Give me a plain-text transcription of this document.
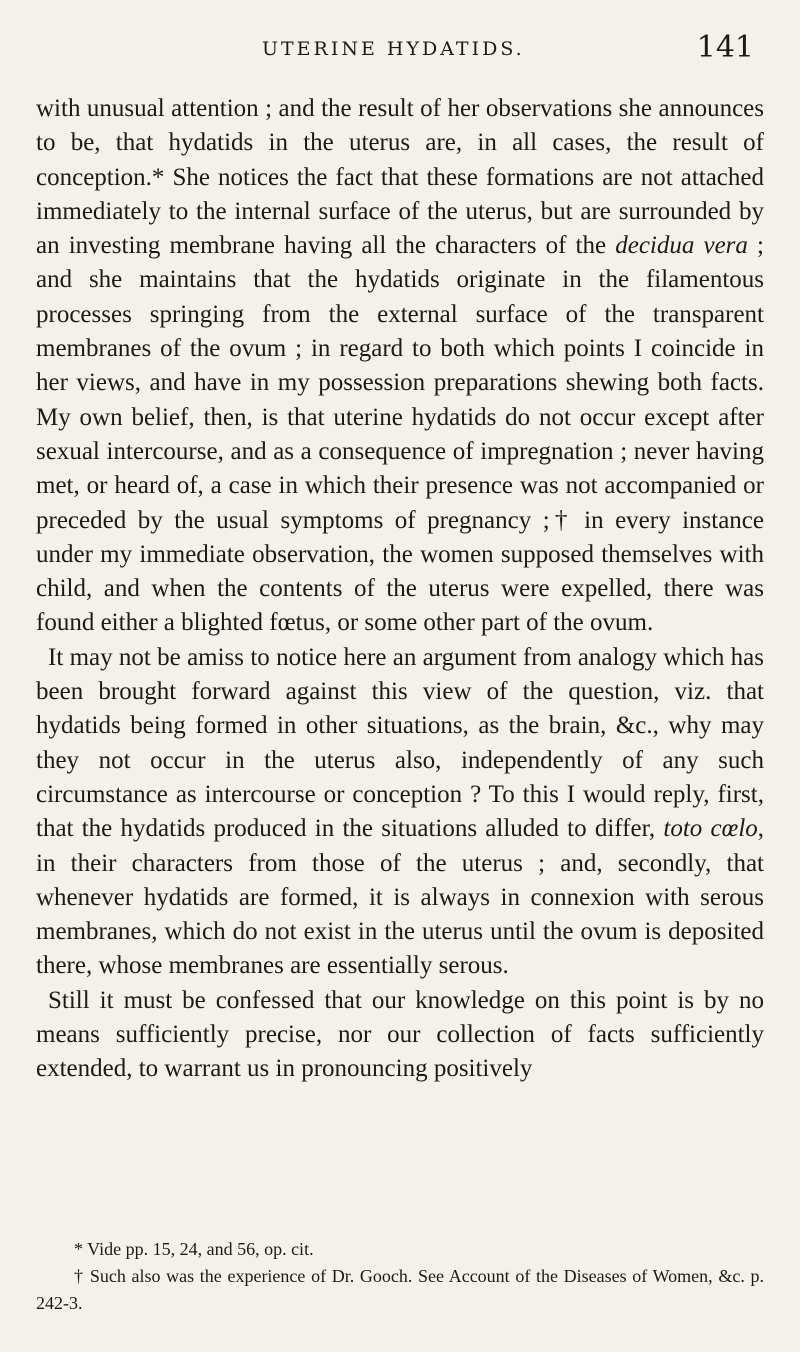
UTERINE HYDATIDS.	141

with unusual attention ; and the result of her observations she announces to be, that hydatids in the uterus are, in all cases, the result of conception.* She notices the fact that these formations are not attached immediately to the internal surface of the uterus, but are surrounded by an investing membrane having all the characters of the decidua vera ; and she maintains that the hydatids originate in the filamentous processes springing from the external surface of the transparent membranes of the ovum ; in regard to both which points I coincide in her views, and have in my possession preparations shewing both facts. My own belief, then, is that uterine hydatids do not occur except after sexual intercourse, and as a consequence of impregnation ; never having met, or heard of, a case in which their presence was not accompanied or preceded by the usual symptoms of pregnancy ;† in every instance under my immediate observation, the women supposed themselves with child, and when the contents of the uterus were expelled, there was found either a blighted fœtus, or some other part of the ovum.

It may not be amiss to notice here an argument from analogy which has been brought forward against this view of the question, viz. that hydatids being formed in other situations, as the brain, &c., why may they not occur in the uterus also, independently of any such circumstance as intercourse or conception ? To this I would reply, first, that the hydatids produced in the situations alluded to differ, toto cœlo, in their characters from those of the uterus ; and, secondly, that whenever hydatids are formed, it is always in connexion with serous membranes, which do not exist in the uterus until the ovum is deposited there, whose membranes are essentially serous.

Still it must be confessed that our knowledge on this point is by no means sufficiently precise, nor our collection of facts sufficiently extended, to warrant us in pronouncing positively

* Vide pp. 15, 24, and 56, op. cit.

† Such also was the experience of Dr. Gooch. See Account of the Diseases of Women, &c. p. 242-3.
